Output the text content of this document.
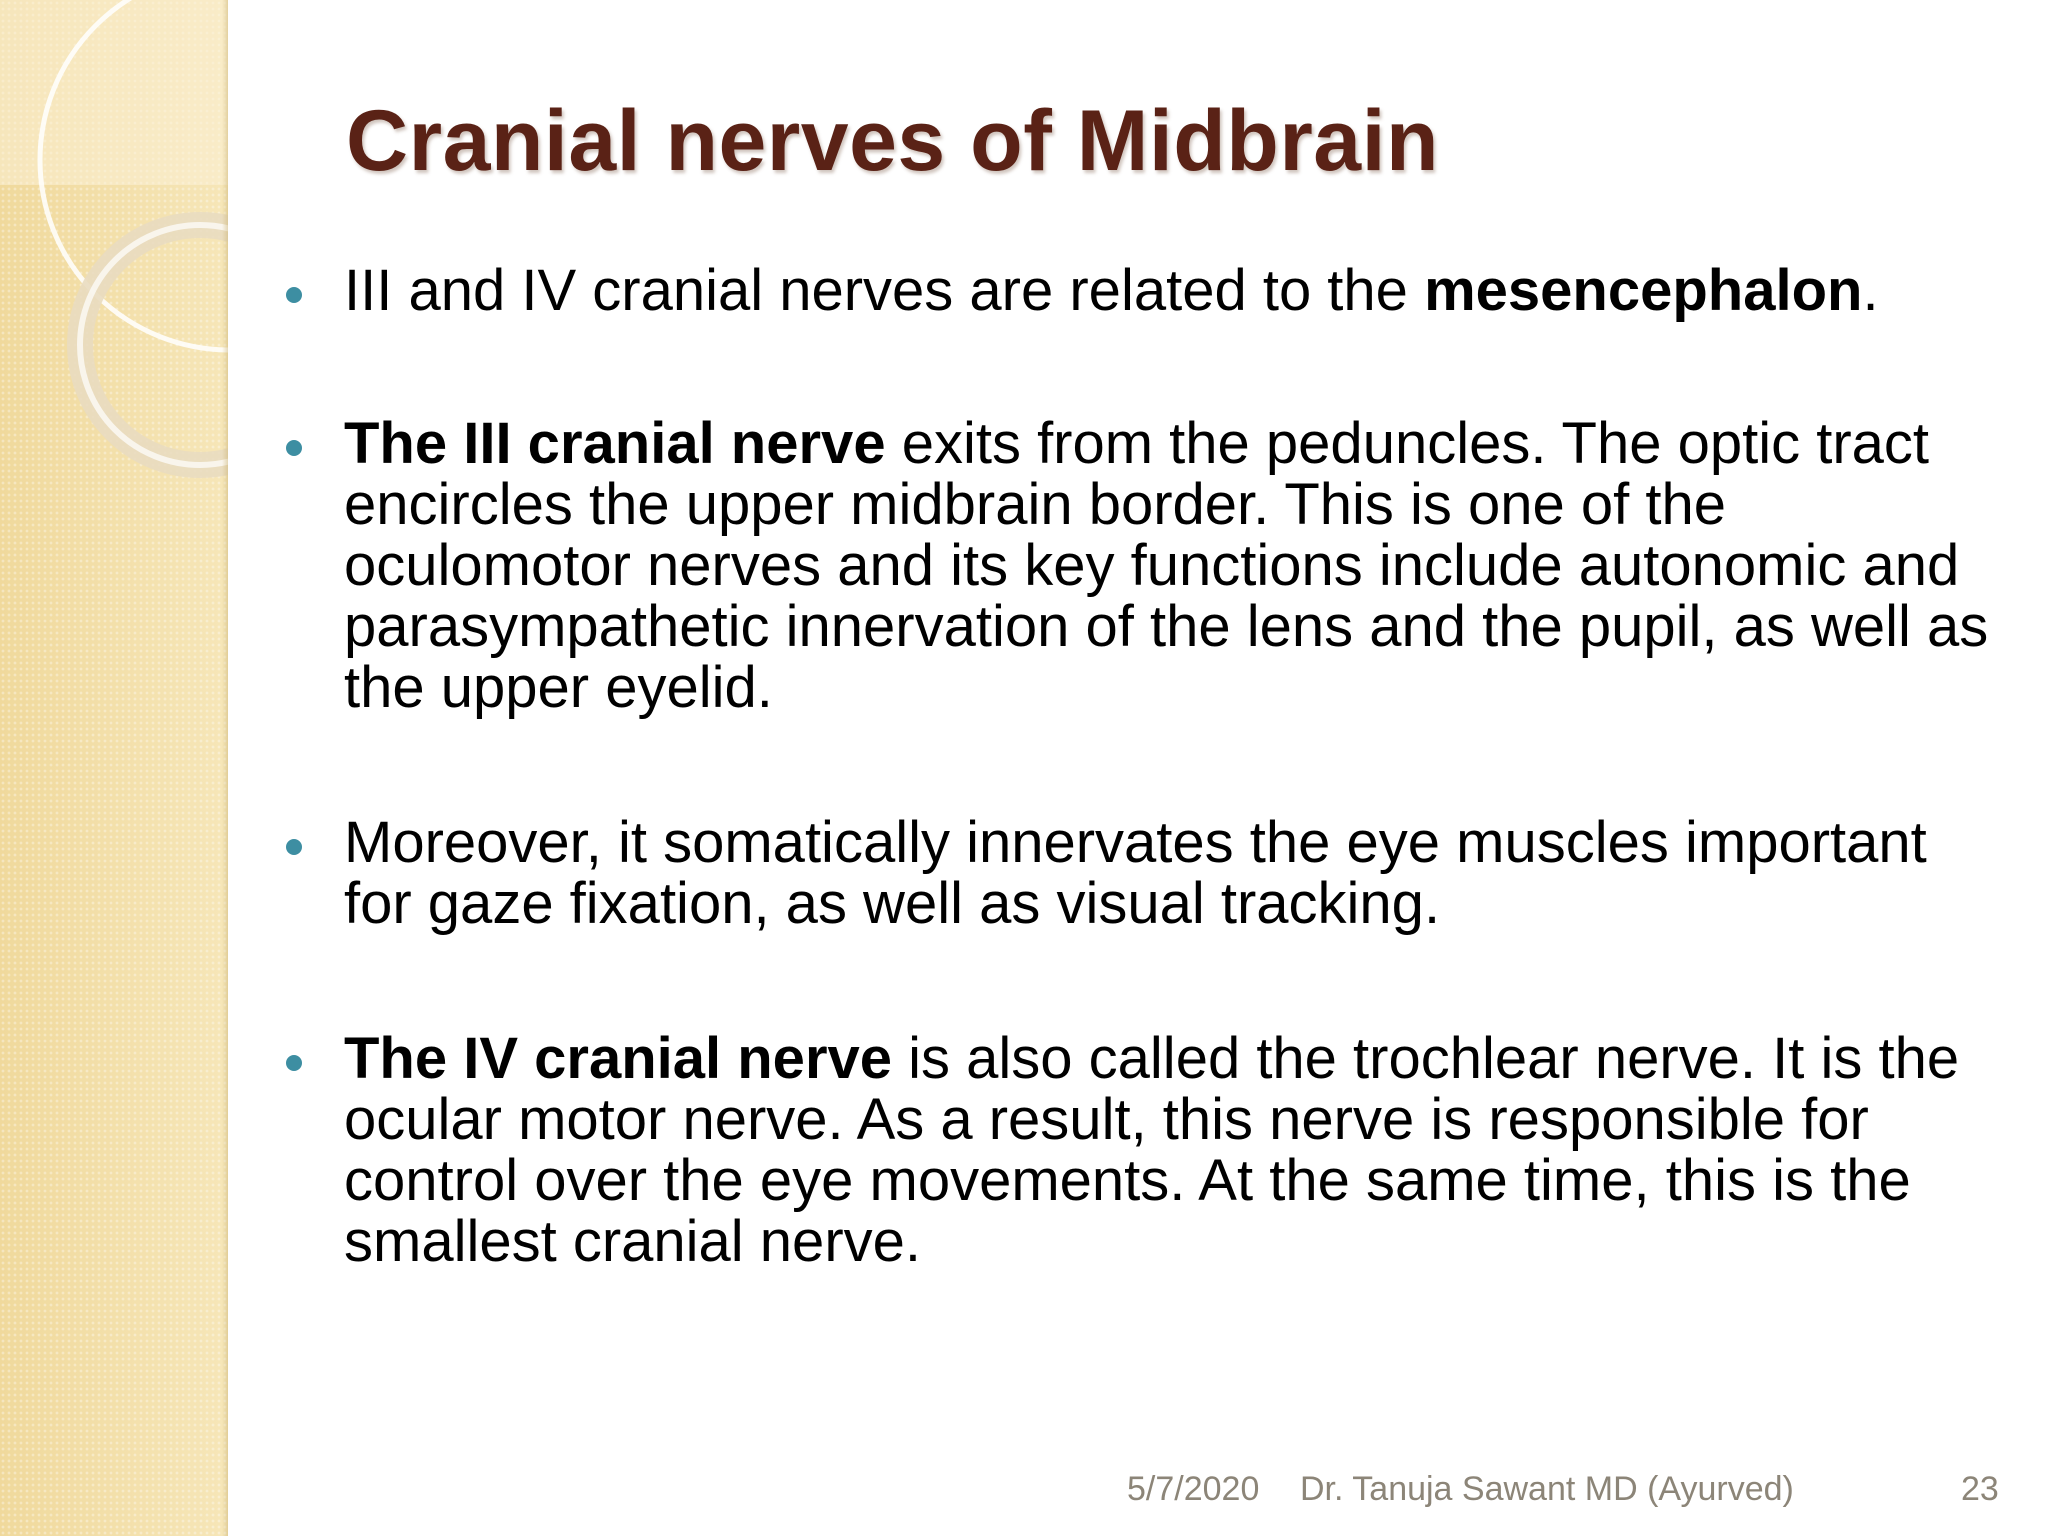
Cranial nerves of Midbrain
III and IV cranial nerves are related to the mesencephalon.
The III cranial nerve exits from the peduncles. The optic tract encircles the upper midbrain border. This is one of the oculomotor nerves and its key functions include autonomic and parasympathetic innervation of the lens and the pupil, as well as the upper eyelid.
Moreover, it somatically innervates the eye muscles important for gaze fixation, as well as visual tracking.
The IV cranial nerve is also called the trochlear nerve. It is the ocular motor nerve. As a result, this nerve is responsible for control over the eye movements. At the same time, this is the smallest cranial nerve.
5/7/2020 Dr. Tanuja Sawant MD (Ayurved)	23
